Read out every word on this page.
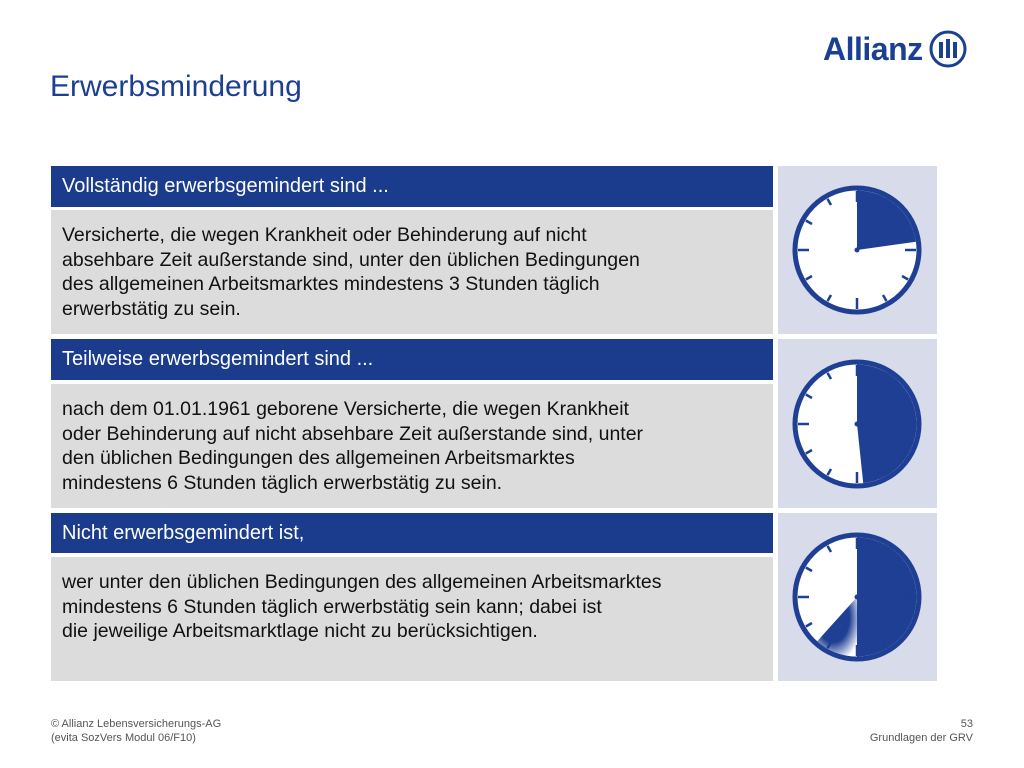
Allianz
Erwerbsminderung
Vollständig erwerbsgemindert sind ...
Versicherte, die wegen Krankheit oder Behinderung auf nicht
absehbare Zeit außerstande sind, unter den üblichen Bedingungen
des allgemeinen Arbeitsmarktes mindestens 3 Stunden täglich
erwerbstätig zu sein.
Teilweise erwerbsgemindert sind ...
nach dem 01.01.1961 geborene Versicherte, die wegen Krankheit
oder Behinderung auf nicht absehbare Zeit außerstande sind, unter
den üblichen Bedingungen des allgemeinen Arbeitsmarktes
mindestens 6 Stunden täglich erwerbstätig zu sein.
Nicht erwerbsgemindert ist,
wer unter den üblichen Bedingungen des allgemeinen Arbeitsmarktes
mindestens 6 Stunden täglich erwerbstätig sein kann; dabei ist
die jeweilige Arbeitsmarktlage nicht zu berücksichtigen.
© Allianz Lebensversicherungs-AG
(evita SozVers Modul 06/F10)
53
Grundlagen der GRV
